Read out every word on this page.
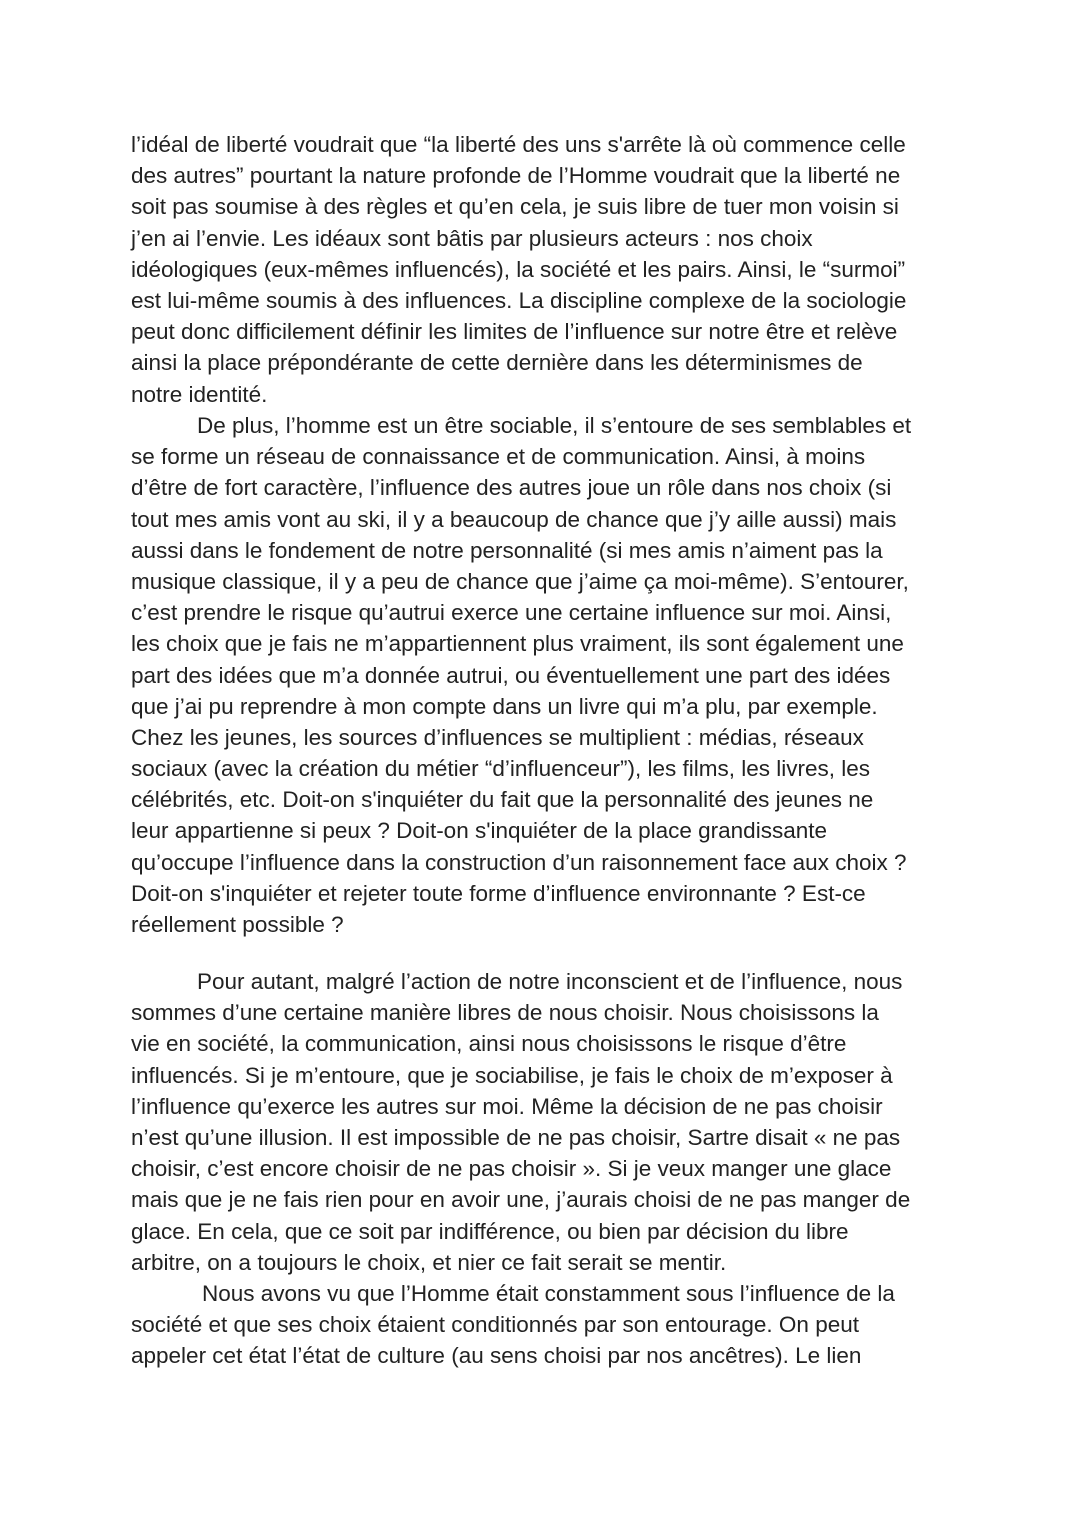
l’idéal de liberté voudrait que “la liberté des uns s'arrête là où commence celle
des autres” pourtant la nature profonde de l’Homme voudrait que la liberté ne
soit pas soumise à des règles et qu’en cela, je suis libre de tuer mon voisin si
j’en ai l’envie. Les idéaux sont bâtis par plusieurs acteurs : nos choix
idéologiques (eux-mêmes influencés), la société et les pairs. Ainsi, le “surmoi”
est lui-même soumis à des influences. La discipline complexe de la sociologie
peut donc difficilement définir les limites de l’influence sur notre être et relève
ainsi la place prépondérante de cette dernière dans les déterminismes de
notre identité.
De plus, l’homme est un être sociable, il s’entoure de ses semblables et
se forme un réseau de connaissance et de communication. Ainsi, à moins
d’être de fort caractère, l’influence des autres joue un rôle dans nos choix (si
tout mes amis vont au ski, il y a beaucoup de chance que j’y aille aussi) mais
aussi dans le fondement de notre personnalité (si mes amis n’aiment pas la
musique classique, il y a peu de chance que j’aime ça moi-même). S’entourer,
c’est prendre le risque qu’autrui exerce une certaine influence sur moi. Ainsi,
les choix que je fais ne m’appartiennent plus vraiment, ils sont également une
part des idées que m’a donnée autrui, ou éventuellement une part des idées
que j’ai pu reprendre à mon compte dans un livre qui m’a plu, par exemple.
Chez les jeunes, les sources d’influences se multiplient : médias, réseaux
sociaux (avec la création du métier “d’influenceur”), les films, les livres, les
célébrités, etc. Doit-on s'inquiéter du fait que la personnalité des jeunes ne
leur appartienne si peux ? Doit-on s'inquiéter de la place grandissante
qu’occupe l’influence dans la construction d’un raisonnement face aux choix ?
Doit-on s'inquiéter et rejeter toute forme d’influence environnante ? Est-ce
réellement possible ?
Pour autant, malgré l’action de notre inconscient et de l’influence, nous
sommes d’une certaine manière libres de nous choisir. Nous choisissons la
vie en société, la communication, ainsi nous choisissons le risque d’être
influencés. Si je m’entoure, que je sociabilise, je fais le choix de m’exposer à
l’influence qu’exerce les autres sur moi. Même la décision de ne pas choisir
n’est qu’une illusion. Il est impossible de ne pas choisir, Sartre disait « ne pas
choisir, c’est encore choisir de ne pas choisir ». Si je veux manger une glace
mais que je ne fais rien pour en avoir une, j’aurais choisi de ne pas manger de
glace. En cela, que ce soit par indifférence, ou bien par décision du libre
arbitre, on a toujours le choix, et nier ce fait serait se mentir.
Nous avons vu que l’Homme était constamment sous l’influence de la
société et que ses choix étaient conditionnés par son entourage. On peut
appeler cet état l’état de culture (au sens choisi par nos ancêtres). Le lien
